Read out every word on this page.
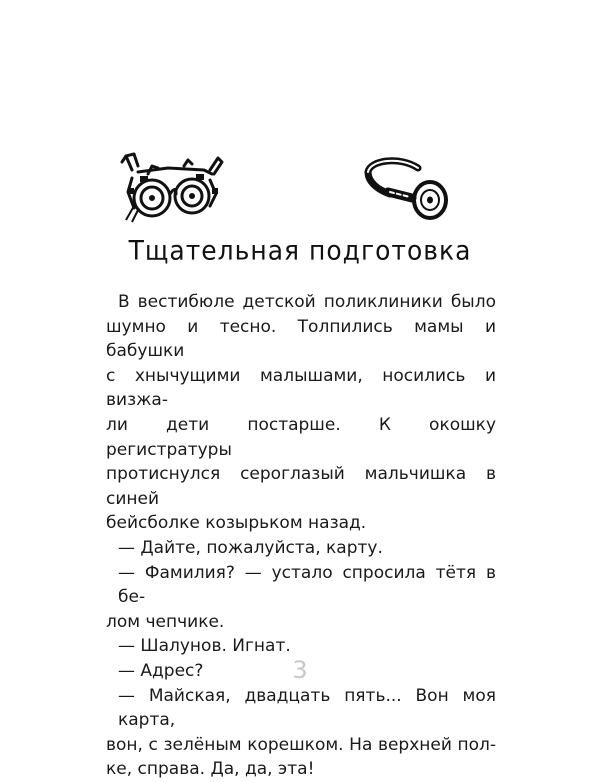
Тщательная подготовка
В вестибюле детской поликлиники было
шумно и тесно. Толпились мамы и бабушки
с хнычущими малышами, носились и визжа-
ли дети постарше. К окошку регистратуры
протиснулся сероглазый мальчишка в синей
бейсболке козырьком назад.
— Дайте, пожалуйста, карту.
— Фамилия? — устало спросила тётя в бе-
лом чепчике.
— Шалунов. Игнат.
— Адрес?
— Майская, двадцать пять... Вон моя карта,
вон, с зелёным корешком. На верхней пол-
ке, справа. Да, да, эта!
3
